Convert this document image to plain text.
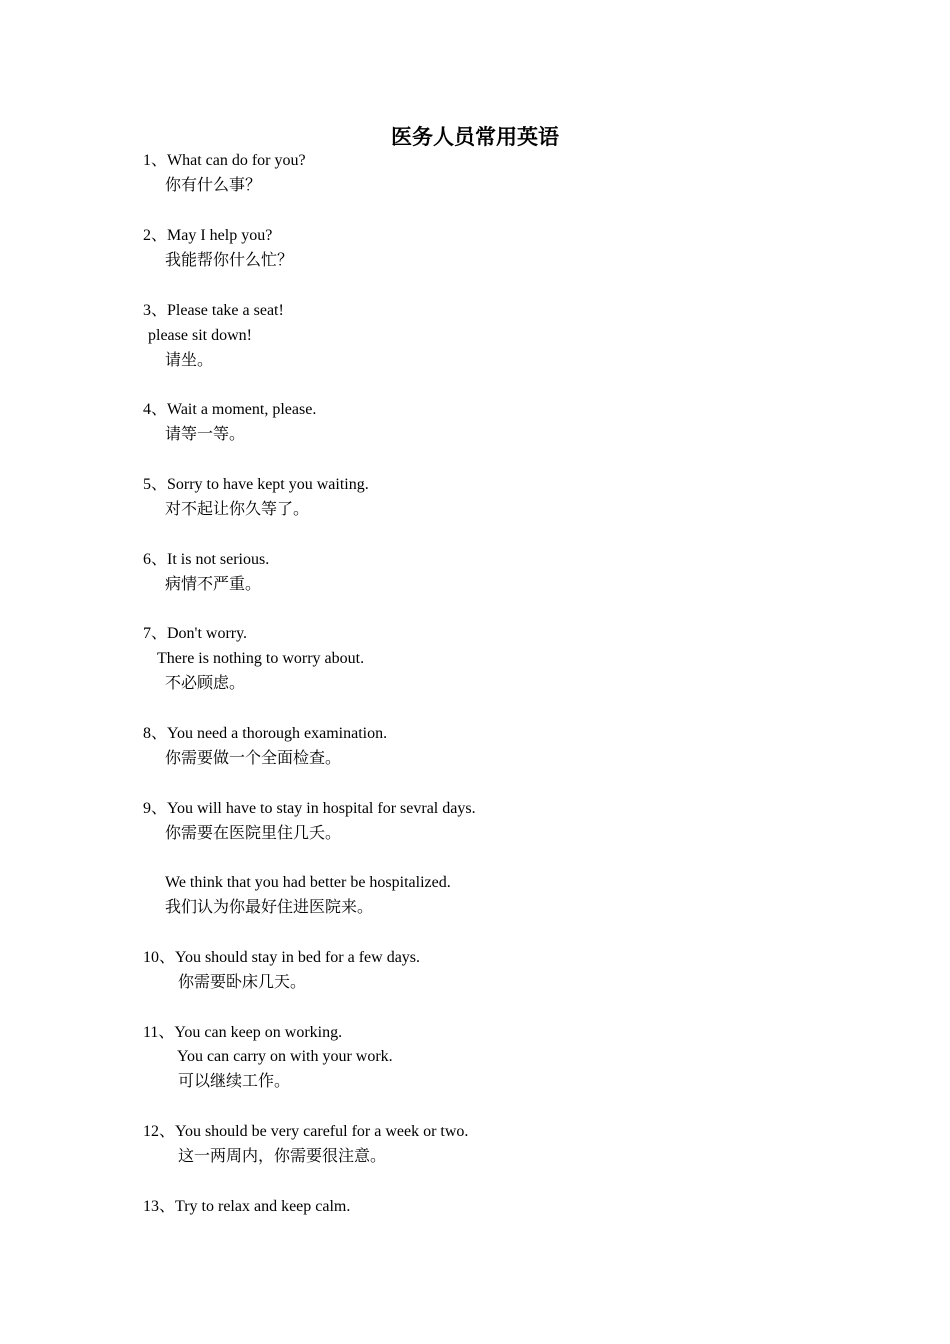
医务人员常用英语
1、What can do for you?
你有什么事？
2、May I help you?
我能帮你什么忙？
3、Please take a seat!
please sit down!
请坐。
4、Wait a moment, please.
请等一等。
5、Sorry to have kept you waiting.
对不起让你久等了。
6、It is not serious.
病情不严重。
7、Don't worry.
There is nothing to worry about.
不必顾虑。
8、You need a thorough examination.
你需要做一个全面检查。
9、You will have to stay in hospital for sevral days.
你需要在医院里住几夭。
We think that you had better be hospitalized.
我们认为你最好住进医院来。
10、You should stay in bed for a few days.
你需要卧床几天。
11、You can keep on working.
You can carry on with your work.
可以继续工作。
12、You should be very careful for a week or two.
这一两周内，你需要很注意。
13、Try to relax and keep calm.
